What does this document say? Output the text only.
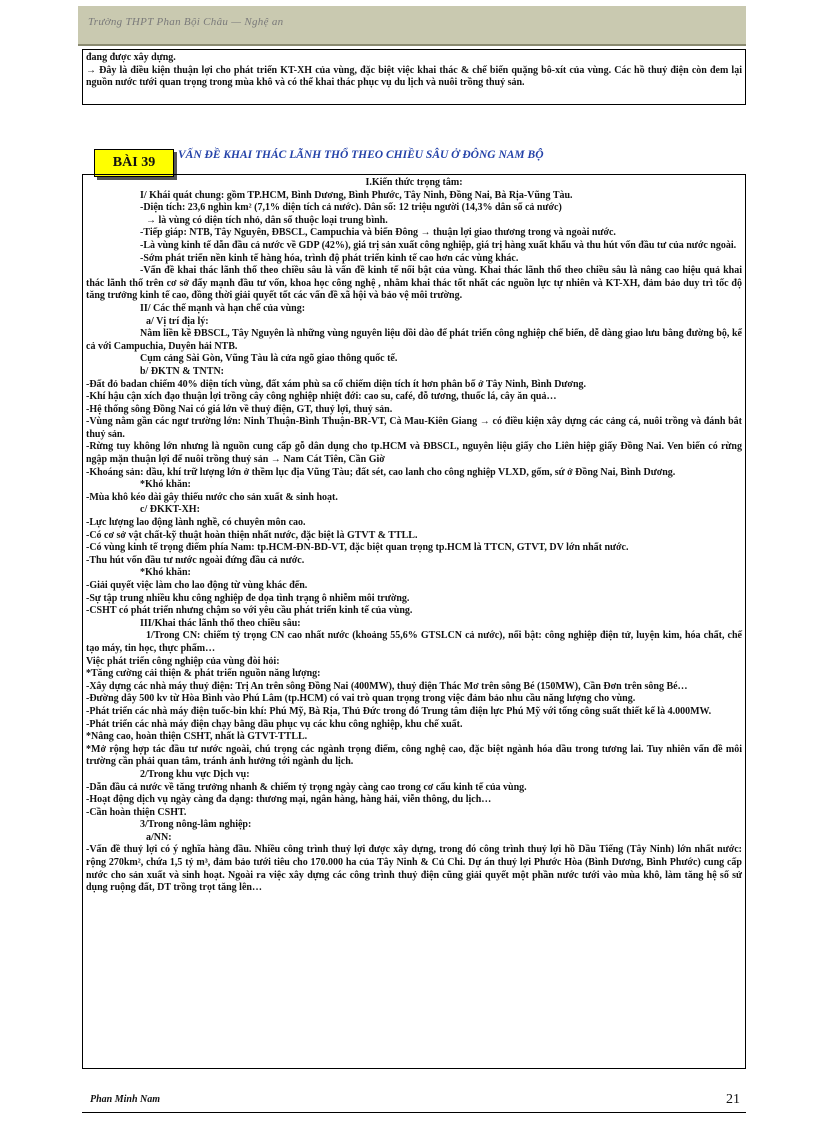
Trường THPT Phan Bội Châu — Nghệ an
đang được xây dựng.
→ Đây là điều kiện thuận lợi cho phát triển KT-XH của vùng, đặc biệt việc khai thác & chế biến quặng bô-xít của vùng. Các hồ thuỷ điện còn đem lại nguồn nước tưới quan trọng trong mùa khô và có thể khai thác phục vụ du lịch và nuôi trồng thuỷ sản.
BÀI 39	VẤN ĐỀ KHAI THÁC LÃNH THỔ THEO CHIỀU SÂU Ở ĐÔNG NAM BỘ
I.Kiến thức trọng tâm:
I/ Khái quát chung: gồm TP.HCM, Bình Dương, Bình Phước, Tây Ninh, Đồng Nai, Bà Rịa-Vũng Tàu.
-Diện tích: 23,6 nghìn km² (7,1% diện tích cả nước). Dân số: 12 triệu người (14,3% dân số cả nước)
→ là vùng có diện tích nhỏ, dân số thuộc loại trung bình.
-Tiếp giáp: NTB, Tây Nguyên, ĐBSCL, Campuchia và biển Đông → thuận lợi giao thương trong và ngoài nước.
-Là vùng kinh tế dẫn đầu cả nước về GDP (42%), giá trị sản xuất công nghiệp, giá trị hàng xuất khẩu và thu hút vốn đầu tư của nước ngoài.
-Sớm phát triển nền kinh tế hàng hóa, trình độ phát triển kinh tế cao hơn các vùng khác.
-Vấn đề khai thác lãnh thổ theo chiều sâu là vấn đề kinh tế nổi bật của vùng. Khai thác lãnh thổ theo chiều sâu là nâng cao hiệu quả khai thác lãnh thổ trên cơ sở đẩy mạnh đầu tư vốn, khoa học công nghệ , nhằm khai thác tốt nhất các nguồn lực tự nhiên và KT-XH, đảm bảo duy trì tốc độ tăng trưởng kinh tế cao, đồng thời giải quyết tốt các vấn đề xã hội và bảo vệ môi trường.
II/ Các thế mạnh và hạn chế của vùng:
a/ Vị trí địa lý:
Nằm liền kề ĐBSCL, Tây Nguyên là những vùng nguyên liệu dồi dào để phát triển công nghiệp chế biến, dễ dàng giao lưu bằng đường bộ, kể cả với Campuchia, Duyên hải NTB.
Cụm cảng Sài Gòn, Vũng Tàu là cửa ngõ giao thông quốc tế.
b/ ĐKTN & TNTN:
-Đất đỏ badan chiếm 40% diện tích vùng, đất xám phù sa cổ chiếm diện tích ít hơn phân bố ở Tây Ninh, Bình Dương.
-Khí hậu cận xích đạo thuận lợi trồng cây công nghiệp nhiệt đới: cao su, café, đỗ tương, thuốc lá, cây ăn quả…
-Hệ thống sông Đồng Nai có giá lớn về thuỷ điện, GT, thuỷ lợi, thuỷ sản.
-Vùng nằm gần các ngư trường lớn: Ninh Thuận-Bình Thuận-BR-VT, Cà Mau-Kiên Giang → có điều kiện xây dựng các cảng cá, nuôi trồng và đánh bắt thuỷ sản.
-Rừng tuy không lớn nhưng là nguồn cung cấp gỗ dân dụng cho tp.HCM và ĐBSCL, nguyên liệu giấy cho Liên hiệp giấy Đồng Nai. Ven biển có rừng ngập mặn thuận lợi để nuôi trồng thuỷ sản → Nam Cát Tiên, Cần Giờ
-Khoáng sản: dầu, khí trữ lượng lớn ở thềm lục địa Vũng Tàu; đất sét, cao lanh cho công nghiệp VLXD, gốm, sứ ở Đồng Nai, Bình Dương.
*Khó khăn:
-Mùa khô kéo dài gây thiếu nước cho sản xuất & sinh hoạt.
c/ ĐKKT-XH:
-Lực lượng lao động lành nghề, có chuyên môn cao.
-Có cơ sở vật chất-kỹ thuật hoàn thiện nhất nước, đặc biệt là GTVT & TTLL.
-Có vùng kinh tế trọng điểm phía Nam: tp.HCM-ĐN-BD-VT, đặc biệt quan trọng tp.HCM là TTCN, GTVT, DV lớn nhất nước.
-Thu hút vốn đầu tư nước ngoài đứng đầu cả nước.
*Khó khăn:
-Giải quyết việc làm cho lao động từ vùng khác đến.
-Sự tập trung nhiều khu công nghiệp đe dọa tình trạng ô nhiễm môi trường.
-CSHT có phát triển nhưng chậm so với yêu cầu phát triển kinh tế của vùng.
III/Khai thác lãnh thổ theo chiều sâu:
1/Trong CN: chiếm tỷ trọng CN cao nhất nước (khoảng 55,6% GTSLCN cả nước), nổi bật: công nghiệp điện tử, luyện kim, hóa chất, chế tạo máy, tin học, thực phẩm…
Việc phát triển công nghiệp của vùng đòi hỏi:
*Tăng cường cải thiện & phát triển nguồn năng lượng:
-Xây dựng các nhà máy thuỷ điện: Trị An trên sông Đồng Nai (400MW), thuỷ điện Thác Mơ trên sông Bé (150MW), Cần Đơn trên sông Bé…
-Đường dây 500 kv từ Hòa Bình vào Phú Lâm (tp.HCM) có vai trò quan trọng trong việc đảm bảo nhu cầu năng lượng cho vùng.
-Phát triển các nhà máy điện tuốc-bin khí: Phú Mỹ, Bà Rịa, Thủ Đức trong đó Trung tâm điện lực Phú Mỹ với tổng công suất thiết kế là 4.000MW.
-Phát triển các nhà máy điện chạy bằng dầu phục vụ các khu công nghiệp, khu chế xuất.
*Nâng cao, hoàn thiện CSHT, nhất là GTVT-TTLL.
*Mở rộng hợp tác đầu tư nước ngoài, chú trọng các ngành trọng điểm, công nghệ cao, đặc biệt ngành hóa dầu trong tương lai. Tuy nhiên vấn đề môi trường cần phải quan tâm, tránh ảnh hưởng tới ngành du lịch.
2/Trong khu vực Dịch vụ:
-Dẫn đầu cả nước về tăng trưởng nhanh & chiếm tỷ trọng ngày càng cao trong cơ cấu kinh tế của vùng.
-Hoạt động dịch vụ ngày càng đa dạng: thương mại, ngân hàng, hàng hải, viễn thông, du lịch…
-Cần hoàn thiện CSHT.
3/Trong nông-lâm nghiệp:
a/NN:
-Vấn đề thuỷ lợi có ý nghĩa hàng đầu. Nhiều công trình thuỷ lợi được xây dựng, trong đó công trình thuỷ lợi hồ Dầu Tiếng (Tây Ninh) lớn nhất nước: rộng 270km², chứa 1,5 tỷ m³, đảm bảo tưới tiêu cho 170.000 ha của Tây Ninh & Củ Chi. Dự án thuỷ lợi Phước Hòa (Bình Dương, Bình Phước) cung cấp nước cho sản xuất và sinh hoạt. Ngoài ra việc xây dựng các công trình thuỷ điện cũng giải quyết một phần nước tưới vào mùa khô, làm tăng hệ số sử dụng ruộng đất, DT trồng trọt tăng lên…
Phan Minh Nam	21
